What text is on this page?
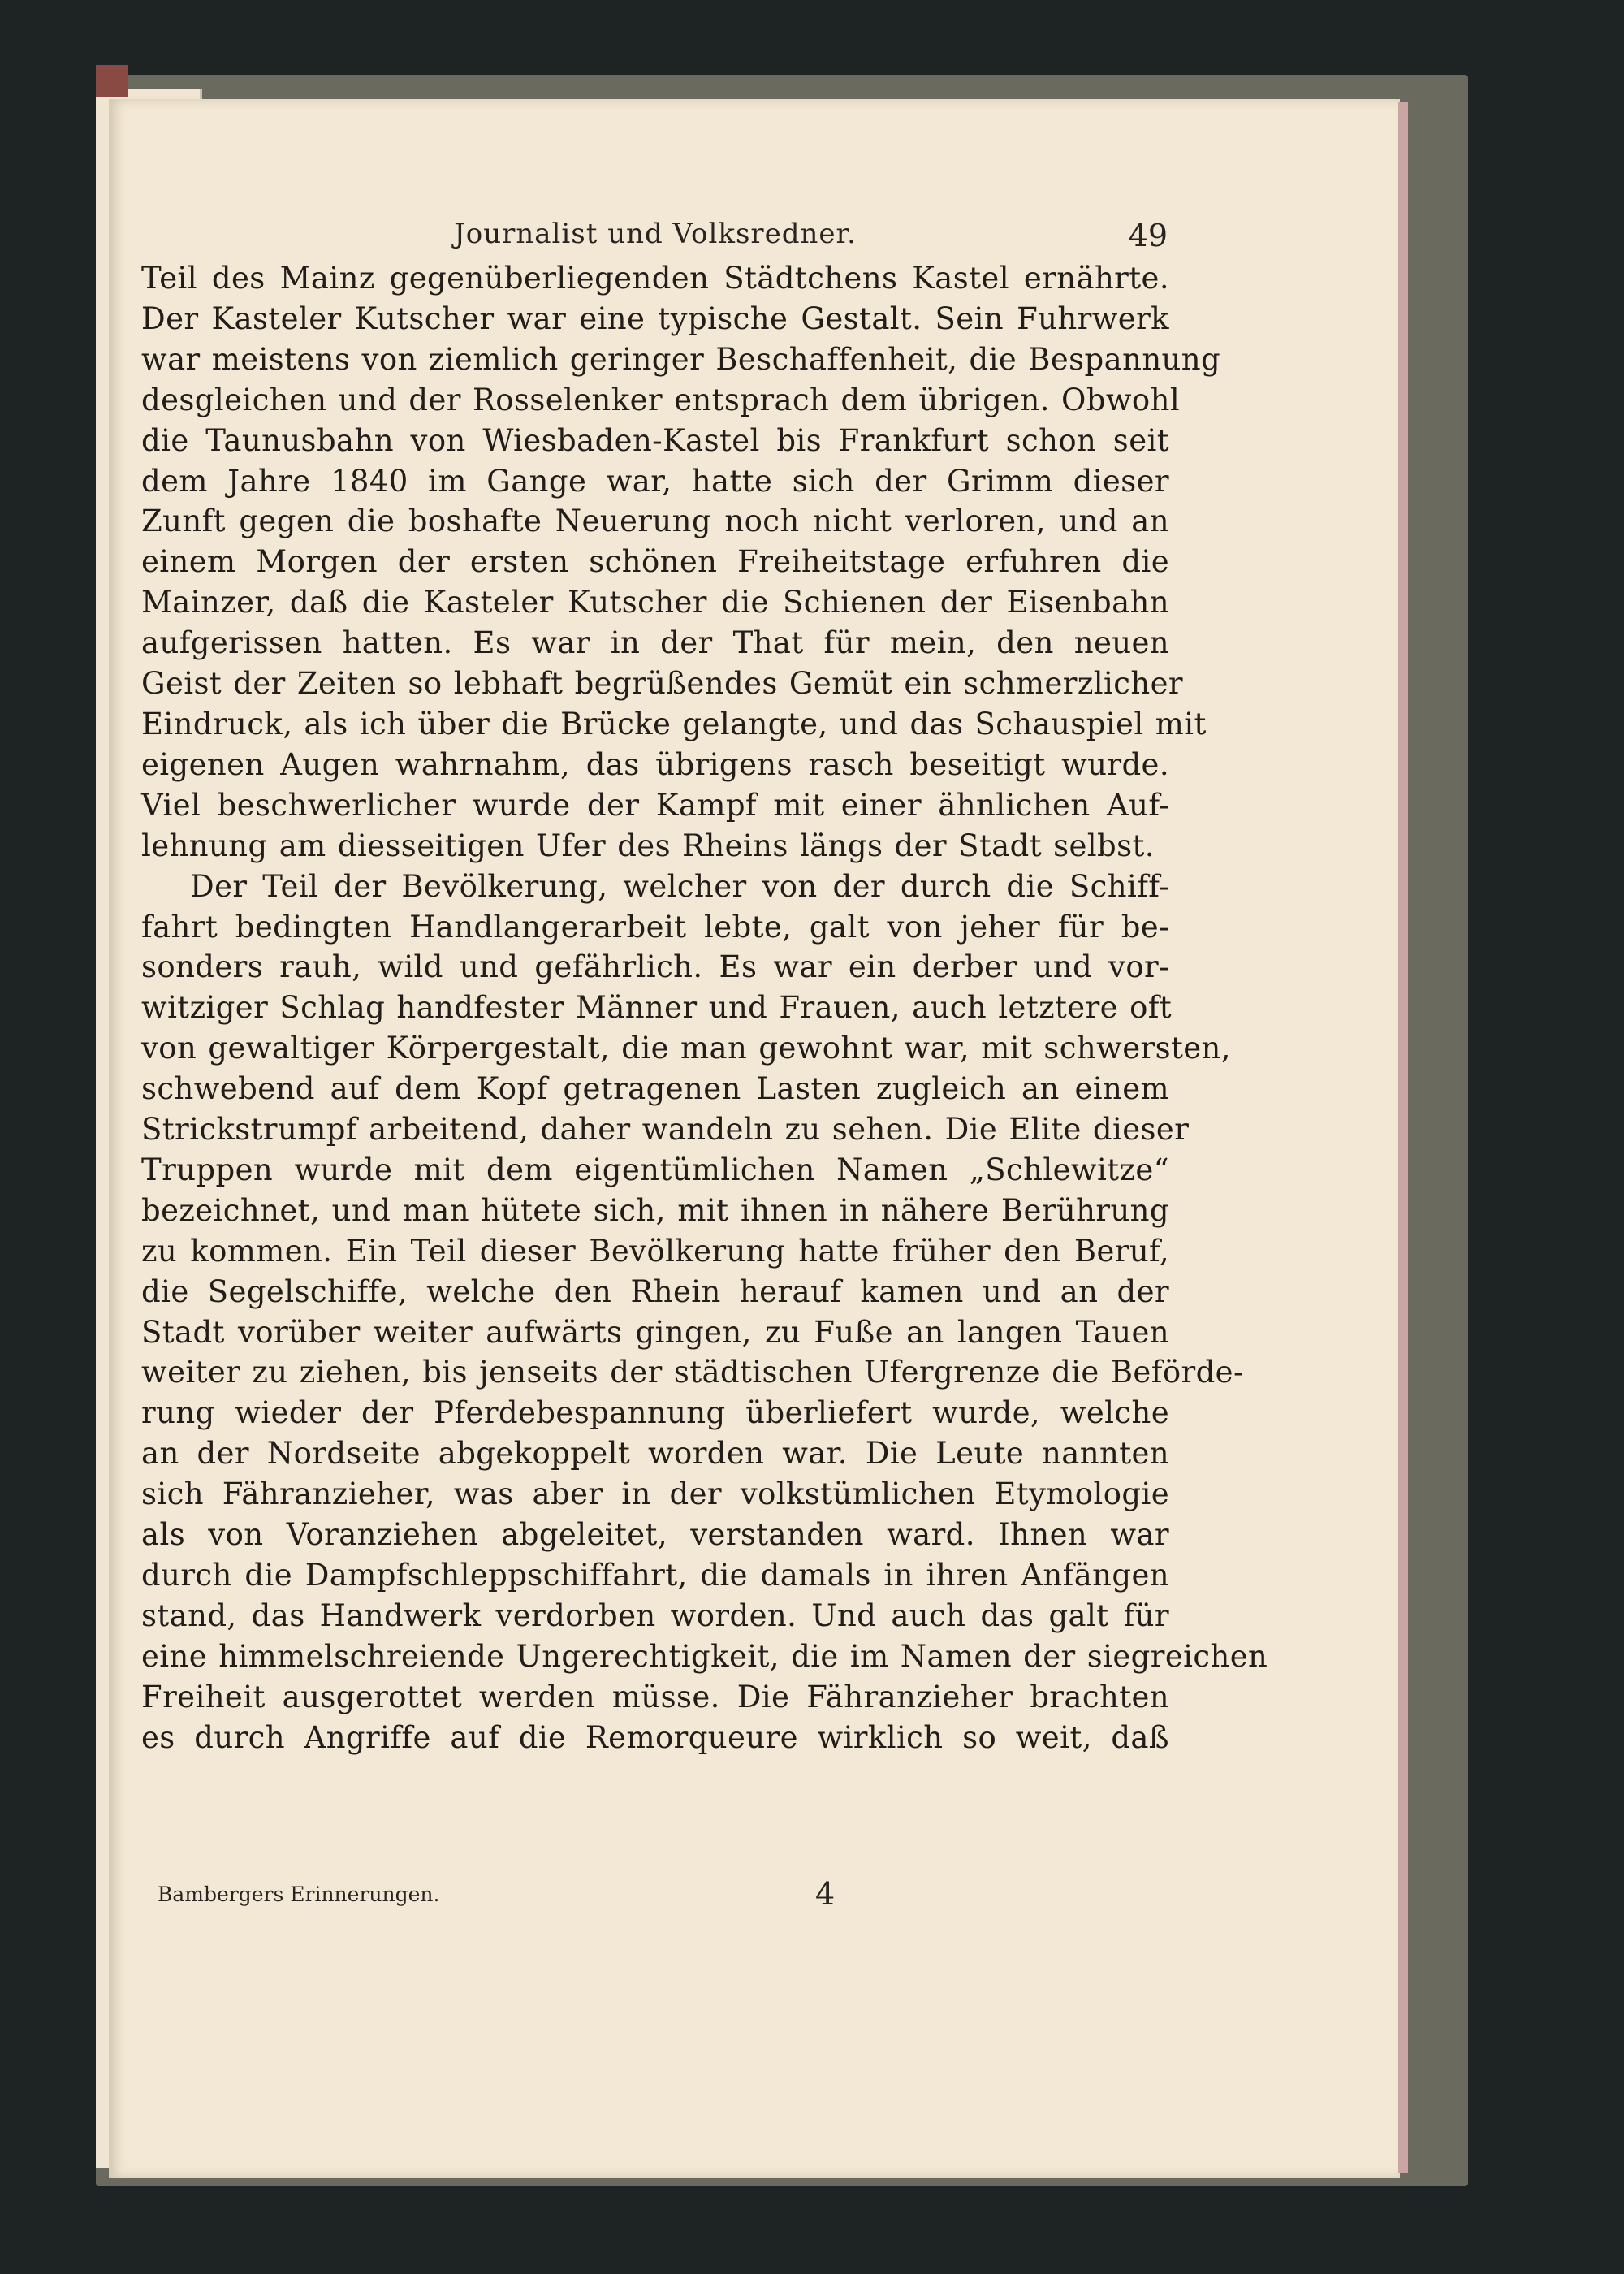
Journalist und Volksredner.	49
Teil des Mainz gegenüberliegenden Städtchens Kastel ernährte.
Der Kasteler Kutscher war eine typische Gestalt. Sein Fuhrwerk
war meistens von ziemlich geringer Beschaffenheit, die Bespannung
desgleichen und der Rosselenker entsprach dem übrigen. Obwohl
die Taunusbahn von Wiesbaden-Kastel bis Frankfurt schon seit
dem Jahre 1840 im Gange war, hatte sich der Grimm dieser
Zunft gegen die boshafte Neuerung noch nicht verloren, und an
einem Morgen der ersten schönen Freiheitstage erfuhren die
Mainzer, daß die Kasteler Kutscher die Schienen der Eisenbahn
aufgerissen hatten. Es war in der That für mein, den neuen
Geist der Zeiten so lebhaft begrüßendes Gemüt ein schmerzlicher
Eindruck, als ich über die Brücke gelangte, und das Schauspiel mit
eigenen Augen wahrnahm, das übrigens rasch beseitigt wurde.
Viel beschwerlicher wurde der Kampf mit einer ähnlichen Auf-
lehnung am diesseitigen Ufer des Rheins längs der Stadt selbst.
Der Teil der Bevölkerung, welcher von der durch die Schiff-
fahrt bedingten Handlangerarbeit lebte, galt von jeher für be-
sonders rauh, wild und gefährlich. Es war ein derber und vor-
witziger Schlag handfester Männer und Frauen, auch letztere oft
von gewaltiger Körpergestalt, die man gewohnt war, mit schwersten,
schwebend auf dem Kopf getragenen Lasten zugleich an einem
Strickstrumpf arbeitend, daher wandeln zu sehen. Die Elite dieser
Truppen wurde mit dem eigentümlichen Namen „Schlewitze“
bezeichnet, und man hütete sich, mit ihnen in nähere Berührung
zu kommen. Ein Teil dieser Bevölkerung hatte früher den Beruf,
die Segelschiffe, welche den Rhein herauf kamen und an der
Stadt vorüber weiter aufwärts gingen, zu Fuße an langen Tauen
weiter zu ziehen, bis jenseits der städtischen Ufergrenze die Beförde-
rung wieder der Pferdebespannung überliefert wurde, welche
an der Nordseite abgekoppelt worden war. Die Leute nannten
sich Fähranzieher, was aber in der volkstümlichen Etymologie
als von Voranziehen abgeleitet, verstanden ward. Ihnen war
durch die Dampfschleppschiffahrt, die damals in ihren Anfängen
stand, das Handwerk verdorben worden. Und auch das galt für
eine himmelschreiende Ungerechtigkeit, die im Namen der siegreichen
Freiheit ausgerottet werden müsse. Die Fähranzieher brachten
es durch Angriffe auf die Remorqueure wirklich so weit, daß
Bambergers Erinnerungen.	4
